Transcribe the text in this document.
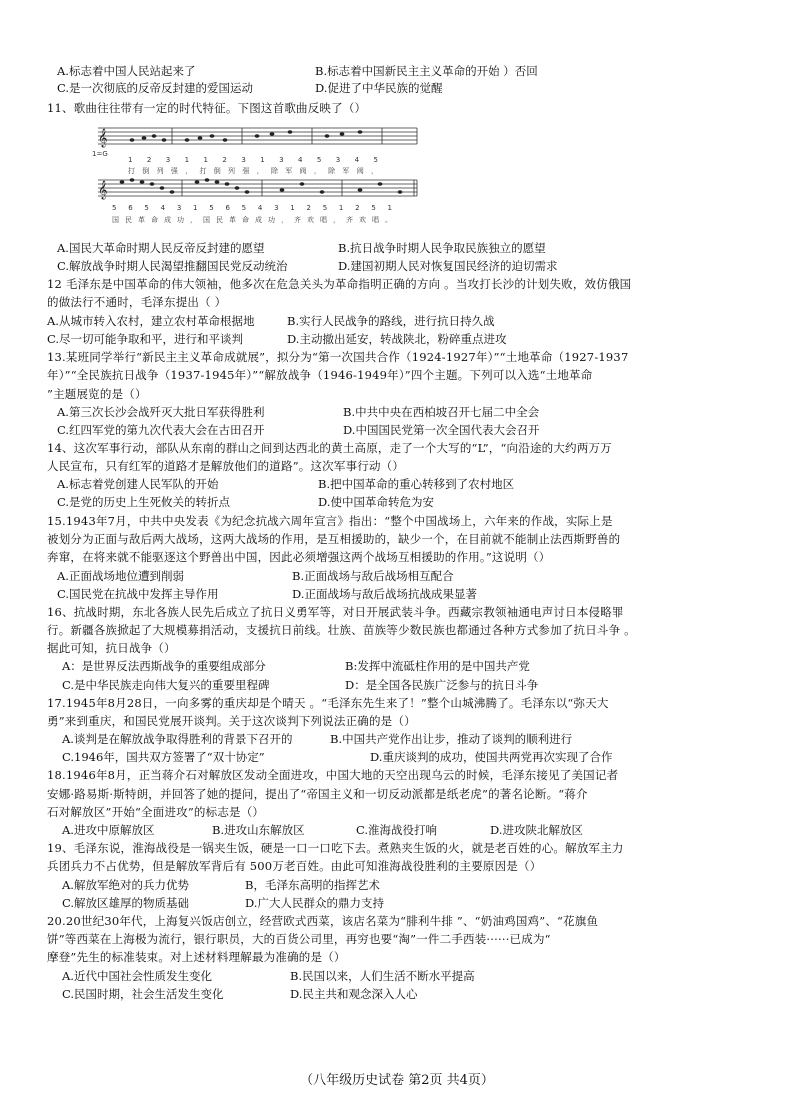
A.标志着中国人民站起来了	B.标志着中国新民主主义革命的开始 ）否回
C.是一次彻底的反帝反封建的爱国运动	D.促进了中华民族的觉醒
11、歌曲往往带有一定的时代特征。下图这首歌曲反映了（）
𝄞
1=G
1 2 3 1 1 2 3 1 3 4 5 3 4 5
打倒列强，打倒列强，除军阀，除军阀，
𝄞
5 6 5 4 3 1 5 6 5 4 3 1 2 5 1 2 5 1
国民革命成功，国民革命成功，齐欢唱，齐欢唱。
A.国民大革命时期人民反帝反封建的愿望	B.抗日战争时期人民争取民族独立的愿望
C.解放战争时期人民渴望推翻国民党反动统治	D.建国初期人民对恢复国民经济的迫切需求
12 毛泽东是中国革命的伟大领袖，他多次在危急关头为革命指明正确的方向 。当攻打长沙的计划失败，效仿俄国
的做法行不通时，毛泽东提出（ ）
A.从城市转入农村，建立农村革命根据地	B.实行人民战争的路线，进行抗日持久战
C.尽一切可能争取和平，进行和平谈判	D.主动撤出延安，转战陕北，粉碎重点进攻
13.某班同学举行“新民主主义革命成就展”，拟分为“第一次国共合作（1924-1927年）”“土地革命（1927-1937
年）”“全民族抗日战争（1937-1945年）”“解放战争（1946-1949年）”四个主题。下列可以入选“土地革命
”主题展览的是（）
A.第三次长沙会战歼灭大批日军获得胜利	B.中共中央在西柏坡召开七届二中全会
C.红四军党的第九次代表大会在古田召开	D.中国国民党第一次全国代表大会召开
14、这次军事行动，部队从东南的群山之间到达西北的黄土高原，走了一个大写的“L”，“向沿途的大约两万万
人民宣布，只有红军的道路才是解放他们的道路”。这次军事行动（）
A.标志着党创建人民军队的开始	B.把中国革命的重心转移到了农村地区
C.是党的历史上生死攸关的转折点	D.使中国革命转危为安
15.1943年7月，中共中央发表《为纪念抗战六周年宣言》指出：“整个中国战场上，六年来的作战，实际上是
被划分为正面与敌后两大战场，这两大战场的作用，是互相援助的，缺少一个，在目前就不能制止法西斯野兽的
奔窜，在将来就不能驱逐这个野兽出中国，因此必须增强这两个战场互相援助的作用。”这说明（）
A.正面战场地位遭到削弱	B.正面战场与敌后战场相互配合
C.国民党在抗战中发挥主导作用	D.正面战场与敌后战场抗战成果显著
16、抗战时期，东北各族人民先后成立了抗日义勇军等，对日开展武装斗争。西藏宗教领袖通电声讨日本侵略罪
行。新疆各族掀起了大规模募捐活动，支援抗日前线。壮族、苗族等少数民族也都通过各种方式参加了抗日斗争 。
据此可知，抗日战争（）
A：是世界反法西斯战争的重要组成部分	B:发挥中流砥柱作用的是中国共产党
C.是中华民族走向伟大复兴的重要里程碑	D：是全国各民族广泛参与的抗日斗争
17.1945年8月28日，一向多雾的重庆却是个晴天 。“毛泽东先生来了！”整个山城沸腾了。毛泽东以“弥天大
勇”来到重庆，和国民党展开谈判。关于这次谈判下列说法正确的是（）
A.谈判是在解放战争取得胜利的背景下召开的	B.中国共产党作出让步，推动了谈判的顺利进行
C.1946年，国共双方签署了“双十协定”	D.重庆谈判的成功，使国共两党再次实现了合作
18.1946年8月，正当蒋介石对解放区发动全面进攻，中国大地的天空出现乌云的时候，毛泽东接见了美国记者
安娜·路易斯·斯特朗，并回答了她的提问，提出了“帝国主义和一切反动派都是纸老虎”的著名论断。“蒋介
石对解放区”开始“全面进攻”的标志是（）
A.进攻中原解放区	B.进攻山东解放区	C.淮海战役打响	D.进攻陕北解放区
19、毛泽东说，淮海战役是一锅夹生饭，硬是一口一口吃下去。煮熟夹生饭的火，就是老百姓的心。解放军主力
兵团兵力不占优势，但是解放军背后有 500万老百姓。由此可知淮海战役胜利的主要原因是（）
A.解放军绝对的兵力优势	B，毛泽东高明的指挥艺术
C.解放区雄厚的物质基础	D.广大人民群众的鼎力支持
20.20世纪30年代，上海复兴饭店创立，经营欧式西菜，该店名菜为“腓利牛排 ”、“奶油鸡国鸡”、“花旗鱼
饼”等西菜在上海极为流行，银行职员，大的百货公司里，再穷也要“淘”一件二手西装······已成为“
摩登”先生的标准装束。对上述材料理解最为准确的是（）
A.近代中国社会性质发生变化	B.民国以来，人们生活不断水平提高
C.民国时期，社会生活发生变化	D.民主共和观念深入人心
（八年级历史试卷 第2页 共4页）
